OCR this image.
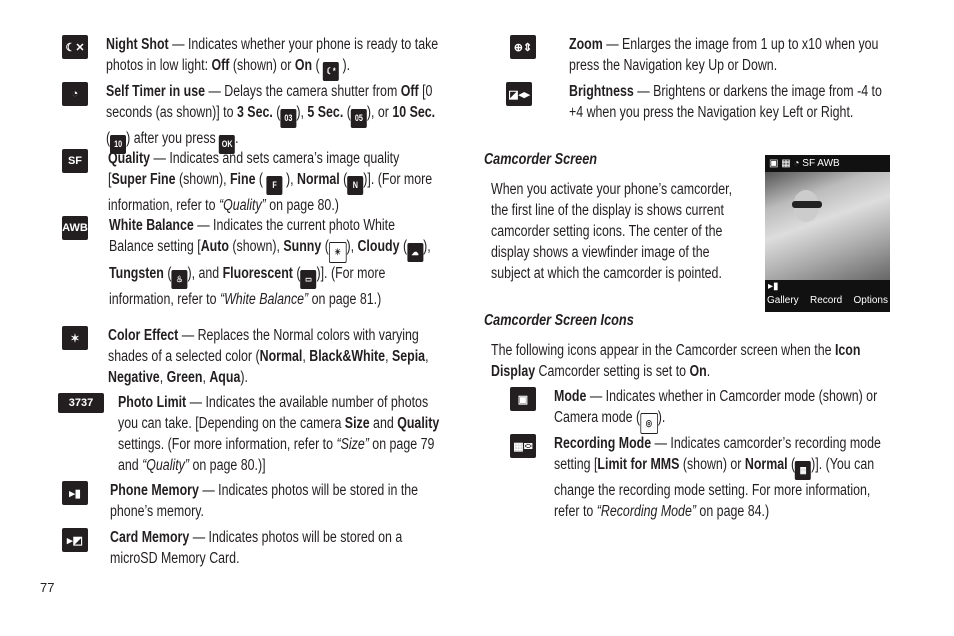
Camcorder Screen
When you activate your phone’s camcorder, the first line of the display is shows current camcorder setting icons. The center of the display shows a viewfinder image of the subject at which the camcorder is pointed.
▣ ▦ ◔ SF AWB
▸▮
Gallery Record Options
Camcorder Screen Icons
The following icons appear in the Camcorder screen when the Icon Display Camcorder setting is set to On.
77
☾✕ Night Shot — Indicates whether your phone is ready to take photos in low light: Off (shown) or On ( ☾* ).
◔	Self Timer in use — Delays the camera shutter from Off [0 seconds (as shown)] to 3 Sec. ( 03 ), 5 Sec. ( 05 ), or 10 Sec. ( 10 ) after you press OK .
SF	Quality — Indicates and sets camera’s image quality [Super Fine (shown), Fine ( F ), Normal ( N )]. (For more information, refer to “Quality” on page 80.)
AWB White Balance — Indicates the current photo White Balance setting [Auto (shown), Sunny ( ☀ ), Cloudy ( ☁ ), Tungsten ( ♨ ), and Fluorescent ( ▭ )]. (For more information, refer to “White Balance” on page 81.)
✶	Color Effect — Replaces the Normal colors with varying shades of a selected color (Normal, Black&White, Sepia, Negative, Green, Aqua).
3737	Photo Limit — Indicates the available number of photos you can take. [Depending on the camera Size and Quality settings. (For more information, refer to “Size” on page 79 and “Quality” on page 80.)]
▸▮	Phone Memory — Indicates photos will be stored in the phone’s memory.
▸◩	Card Memory — Indicates photos will be stored on a microSD Memory Card.
⊕⇕ Zoom — Enlarges the image from 1 up to x10 when you press the Navigation key Up or Down.
◪◂▸	Brightness — Brightens or darkens the image from -4 to +4 when you press the Navigation key Left or Right.
▣	Mode — Indicates whether in Camcorder mode (shown) or Camera mode ( ◎ ).
▦✉ Recording Mode — Indicates camcorder’s recording mode setting [Limit for MMS (shown) or Normal ( ▦ )]. (You can change the recording mode setting. For more information, refer to “Recording Mode” on page 84.)
